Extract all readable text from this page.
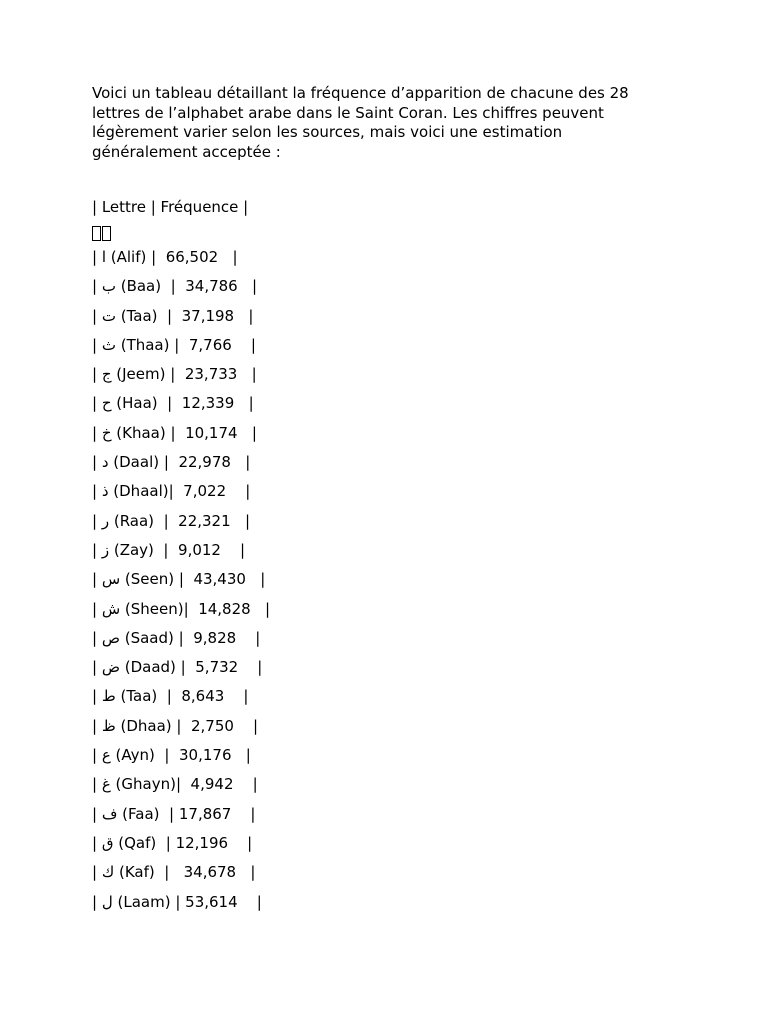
Voici un tableau détaillant la fréquence d’apparition de chacune des 28 lettres de l’alphabet arabe dans le Saint Coran. Les chiffres peuvent légèrement varier selon les sources, mais voici une estimation généralement acceptée :

| Lettre | Fréquence |
| ا (Alif) |  66,502   |
| ب (Baa)  |  34,786   |
| ت (Taa)  |  37,198   |
| ث (Thaa) |  7,766    |
| ج (Jeem) |  23,733   |
| ح (Haa)  |  12,339   |
| خ (Khaa) |  10,174   |
| د (Daal) |  22,978   |
| ذ (Dhaal)|  7,022    |
| ر (Raa)  |  22,321   |
| ز (Zay)  |  9,012    |
| س (Seen) |  43,430   |
| ش (Sheen)|  14,828   |
| ص (Saad) |  9,828    |
| ض (Daad) |  5,732    |
| ط (Taa)  |  8,643    |
| ظ (Dhaa) |  2,750    |
| ع (Ayn)  |  30,176   |
| غ (Ghayn)|  4,942    |
| ف (Faa)  | 17,867    |
| ق (Qaf)  | 12,196    |
| ك (Kaf)  |   34,678   |
| ل (Laam) | 53,614    |
